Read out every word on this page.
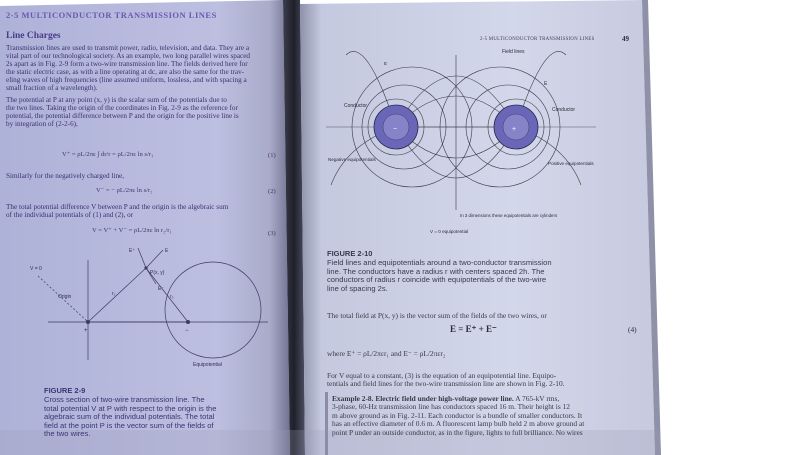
2-5 MULTICONDUCTOR TRANSMISSION LINES
Line Charges
Transmission lines are used to transmit power, radio, television, and data. They are a
vital part of our technological society. As an example, two long parallel wires spaced
2s apart as in Fig. 2-9 form a two-wire transmission line. The fields derived here for
the static electric case, as with a line operating at dc, are also the same for the trav-
eling waves of high frequencies (line assumed uniform, lossless, and with spacing a
small fraction of a wavelength).
The potential at P at any point (x, y) is the scalar sum of the potentials due to
the two lines. Taking the origin of the coordinates in Fig. 2-9 as the reference for
potential, the potential difference between P and the origin for the positive line is
by integration of (2-2-6),
V⁺ = ρL/2πε ∫ dr/r = ρL/2πε ln s/r₁	(1)
Similarly for the negatively charged line,
V⁻ = − ρL/2πε ln s/r₂	(2)
The total potential difference V between P and the origin is the algebraic sum
of the individual potentials of (1) and (2), or
V = V⁺ + V⁻ = ρL/2πε ln r₂/r₁	(3)
V = 0
P(x, y)
Origin
E⁺
E⁻
E
r₁	r₂
+	−
Equipotential
FIGURE 2-9
Cross section of two-wire transmission line. The
total potential V at P with respect to the origin is the
algebraic sum of the individual potentials. The total
field at the point P is the vector sum of the fields of
the two wires.
2-5 MULTICONDUCTOR TRANSMISSION LINES	49
E
Field lines
E
Conductor
Conductor
Negative equipotentials
Positive equipotentials
V = 0 equipotential
In 3 dimensions these equipotentials are cylinders
−	+
FIGURE 2-10
Field lines and equipotentials around a two-conductor transmission
line. The conductors have a radius r with centers spaced 2h. The
conductors of radius r coincide with equipotentials of the two-wire
line of spacing 2s.
The total field at P(x, y) is the vector sum of the fields of the two wires, or
E = E⁺ + E⁻	(4)
where E⁺ = ρL/2πεr₁ and E⁻ = ρL/2πεr₂
For V equal to a constant, (3) is the equation of an equipotential line. Equipo-
tentials and field lines for the two-wire transmission line are shown in Fig. 2-10.
Example 2-8. Electric field under high-voltage power line. A 765-kV rms,
3-phase, 60-Hz transmission line has conductors spaced 16 m. Their height is 12
m above ground as in Fig. 2-11. Each conductor is a bundle of smaller conductors. It
has an effective diameter of 0.6 m. A fluorescent lamp bulb held 2 m above ground at
point P under an outside conductor, as in the figure, lights to full brilliance. No wires
